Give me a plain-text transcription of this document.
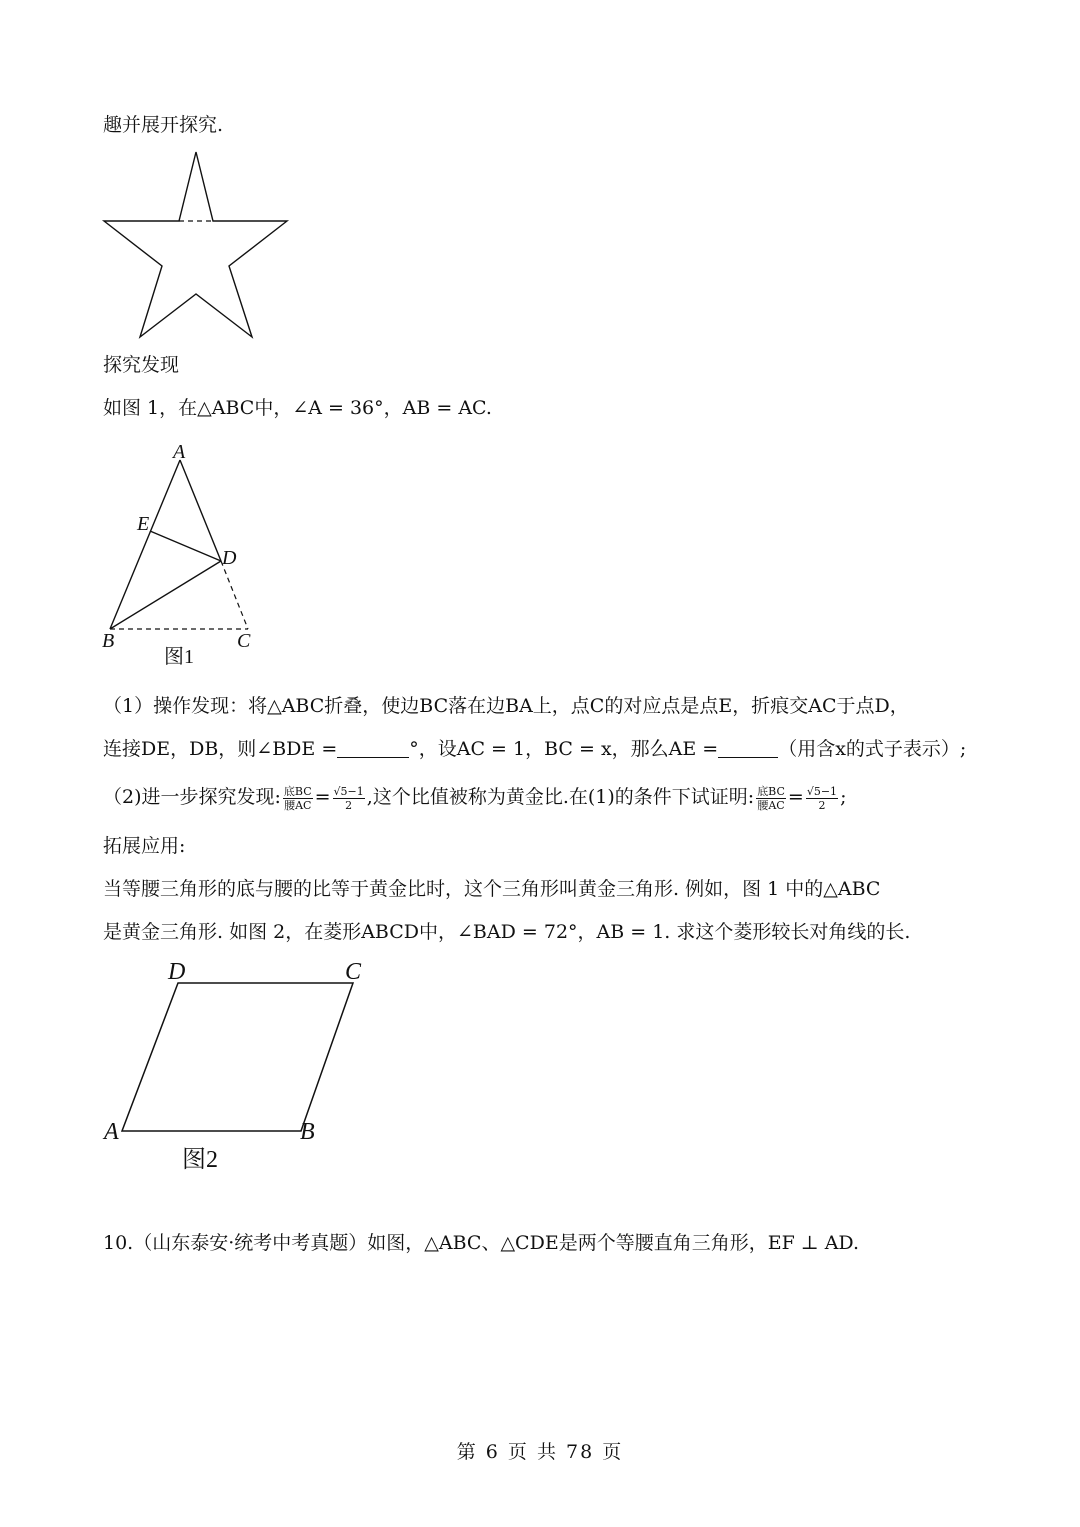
趣并展开探究.
探究发现
如图 1，在△ABC中，∠A = 36°，AB = AC.
A
E
D
B	C
图1
（1）操作发现：将△ABC折叠，使边BC落在边BA上，点C的对应点是点E，折痕交AC于点D，
连接DE，DB，则∠BDE =	°，设AC = 1，BC = x，那么AE =	（用含x的式子表示）;
（2)进一步探究发现: $\frac{\text{底BC}}{\text{腰AC}} = \frac{√5-1}{2}$ ,这个比值被称为黄金比.在(1)的条件下试证明: $\frac{\text{底BC}}{\text{腰AC}} = \frac{√5-1}{2}$ ;
拓展应用:
当等腰三角形的底与腰的比等于黄金比时，这个三角形叫黄金三角形. 例如，图 1 中的△ABC
是黄金三角形. 如图 2，在菱形ABCD中，∠BAD = 72°，AB = 1. 求这个菱形较长对角线的长.
D	C
A	B
图2
10.（山东泰安·统考中考真题）如图，△ABC、△CDE是两个等腰直角三角形，EF ⊥ AD.
第 6 页 共 78 页
